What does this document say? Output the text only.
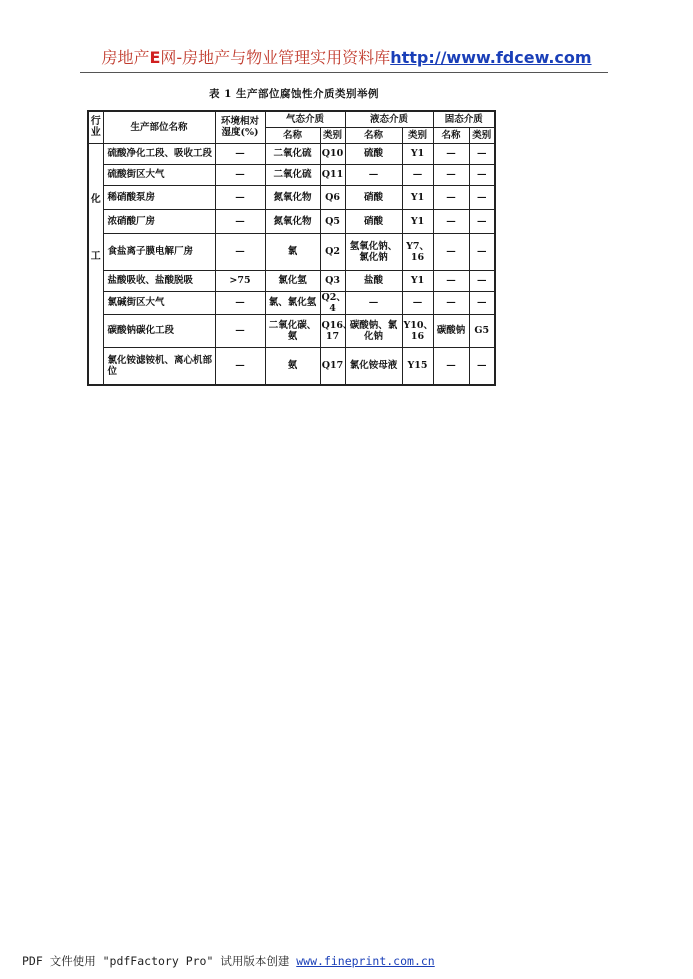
房地产E网-房地产与物业管理实用资料库http://www.fdcew.com
表 1 生产部位腐蚀性介质类别举例
行业	生产部位名称	环境相对湿度(%)	气态介质		液态介质		固态介质	
			名称	类别	名称	类别	名称	类别

化
工	硫酸净化工段、吸收工段	—	二氧化硫	Q10	硫酸	Y1	—	—
	硫酸街区大气	—	二氧化硫	Q11	—	—	—	—
	稀硝酸泵房	—	氮氧化物	Q6	硝酸	Y1	—	—
	浓硝酸厂房	—	氮氧化物	Q5	硝酸	Y1	—	—
	食盐离子膜电解厂房	—	氯	Q2	氢氧化钠、氯化钠	Y7、16	—	—
	盐酸吸收、盐酸脱吸	>75	氯化氢	Q3	盐酸	Y1	—	—
	氯碱街区大气	—	氯、氯化氢	Q2、4	—	—	—	—
	碳酸钠碳化工段	—	二氧化碳、氨	Q16、17	碳酸钠、氯化钠	Y10、16	碳酸钠	G5
	氯化铵滤铵机、离心机部位	—	氨	Q17	氯化铵母液	Y15	—	—
PDF 文件使用 "pdfFactory Pro" 试用版本创建 www.fineprint.com.cn
